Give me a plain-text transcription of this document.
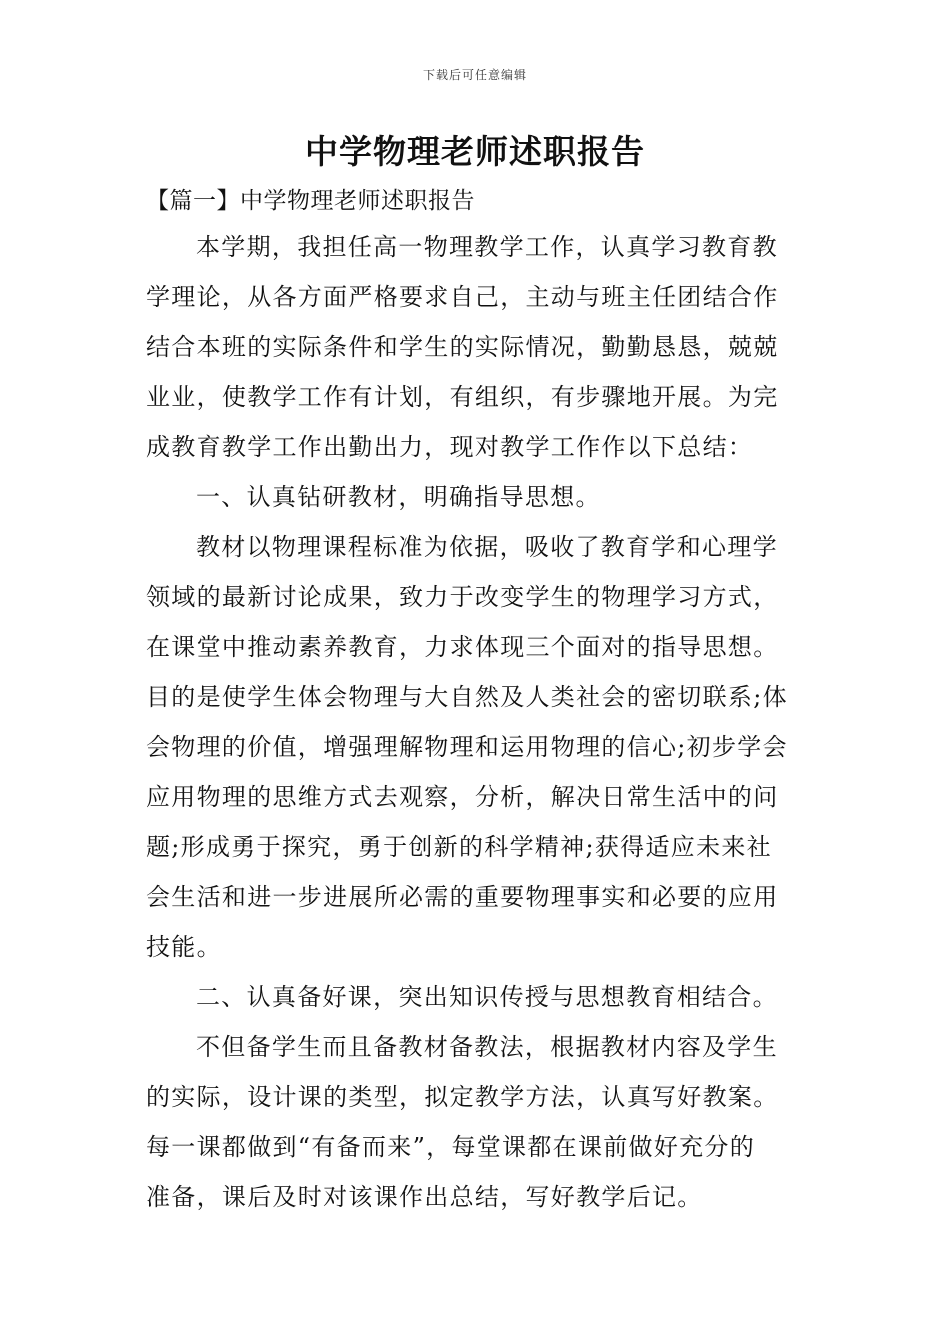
下载后可任意编辑
中学物理老师述职报告
【篇一】中学物理老师述职报告
本学期，我担任高一物理教学工作，认真学习教育教
学理论，从各方面严格要求自己，主动与班主任团结合作
结合本班的实际条件和学生的实际情况，勤勤恳恳，兢兢
业业，使教学工作有计划，有组织，有步骤地开展。为完
成教育教学工作出勤出力，现对教学工作作以下总结：
一、认真钻研教材，明确指导思想。
教材以物理课程标准为依据，吸收了教育学和心理学
领域的最新讨论成果，致力于改变学生的物理学习方式，
在课堂中推动素养教育，力求体现三个面对的指导思想。
目的是使学生体会物理与大自然及人类社会的密切联系;体
会物理的价值，增强理解物理和运用物理的信心;初步学会
应用物理的思维方式去观察，分析，解决日常生活中的问
题;形成勇于探究，勇于创新的科学精神;获得适应未来社
会生活和进一步进展所必需的重要物理事实和必要的应用
技能。
二、认真备好课，突出知识传授与思想教育相结合。
不但备学生而且备教材备教法，根据教材内容及学生
的实际，设计课的类型，拟定教学方法，认真写好教案。
每一课都做到“有备而来”，每堂课都在课前做好充分的
准备，课后及时对该课作出总结，写好教学后记。
